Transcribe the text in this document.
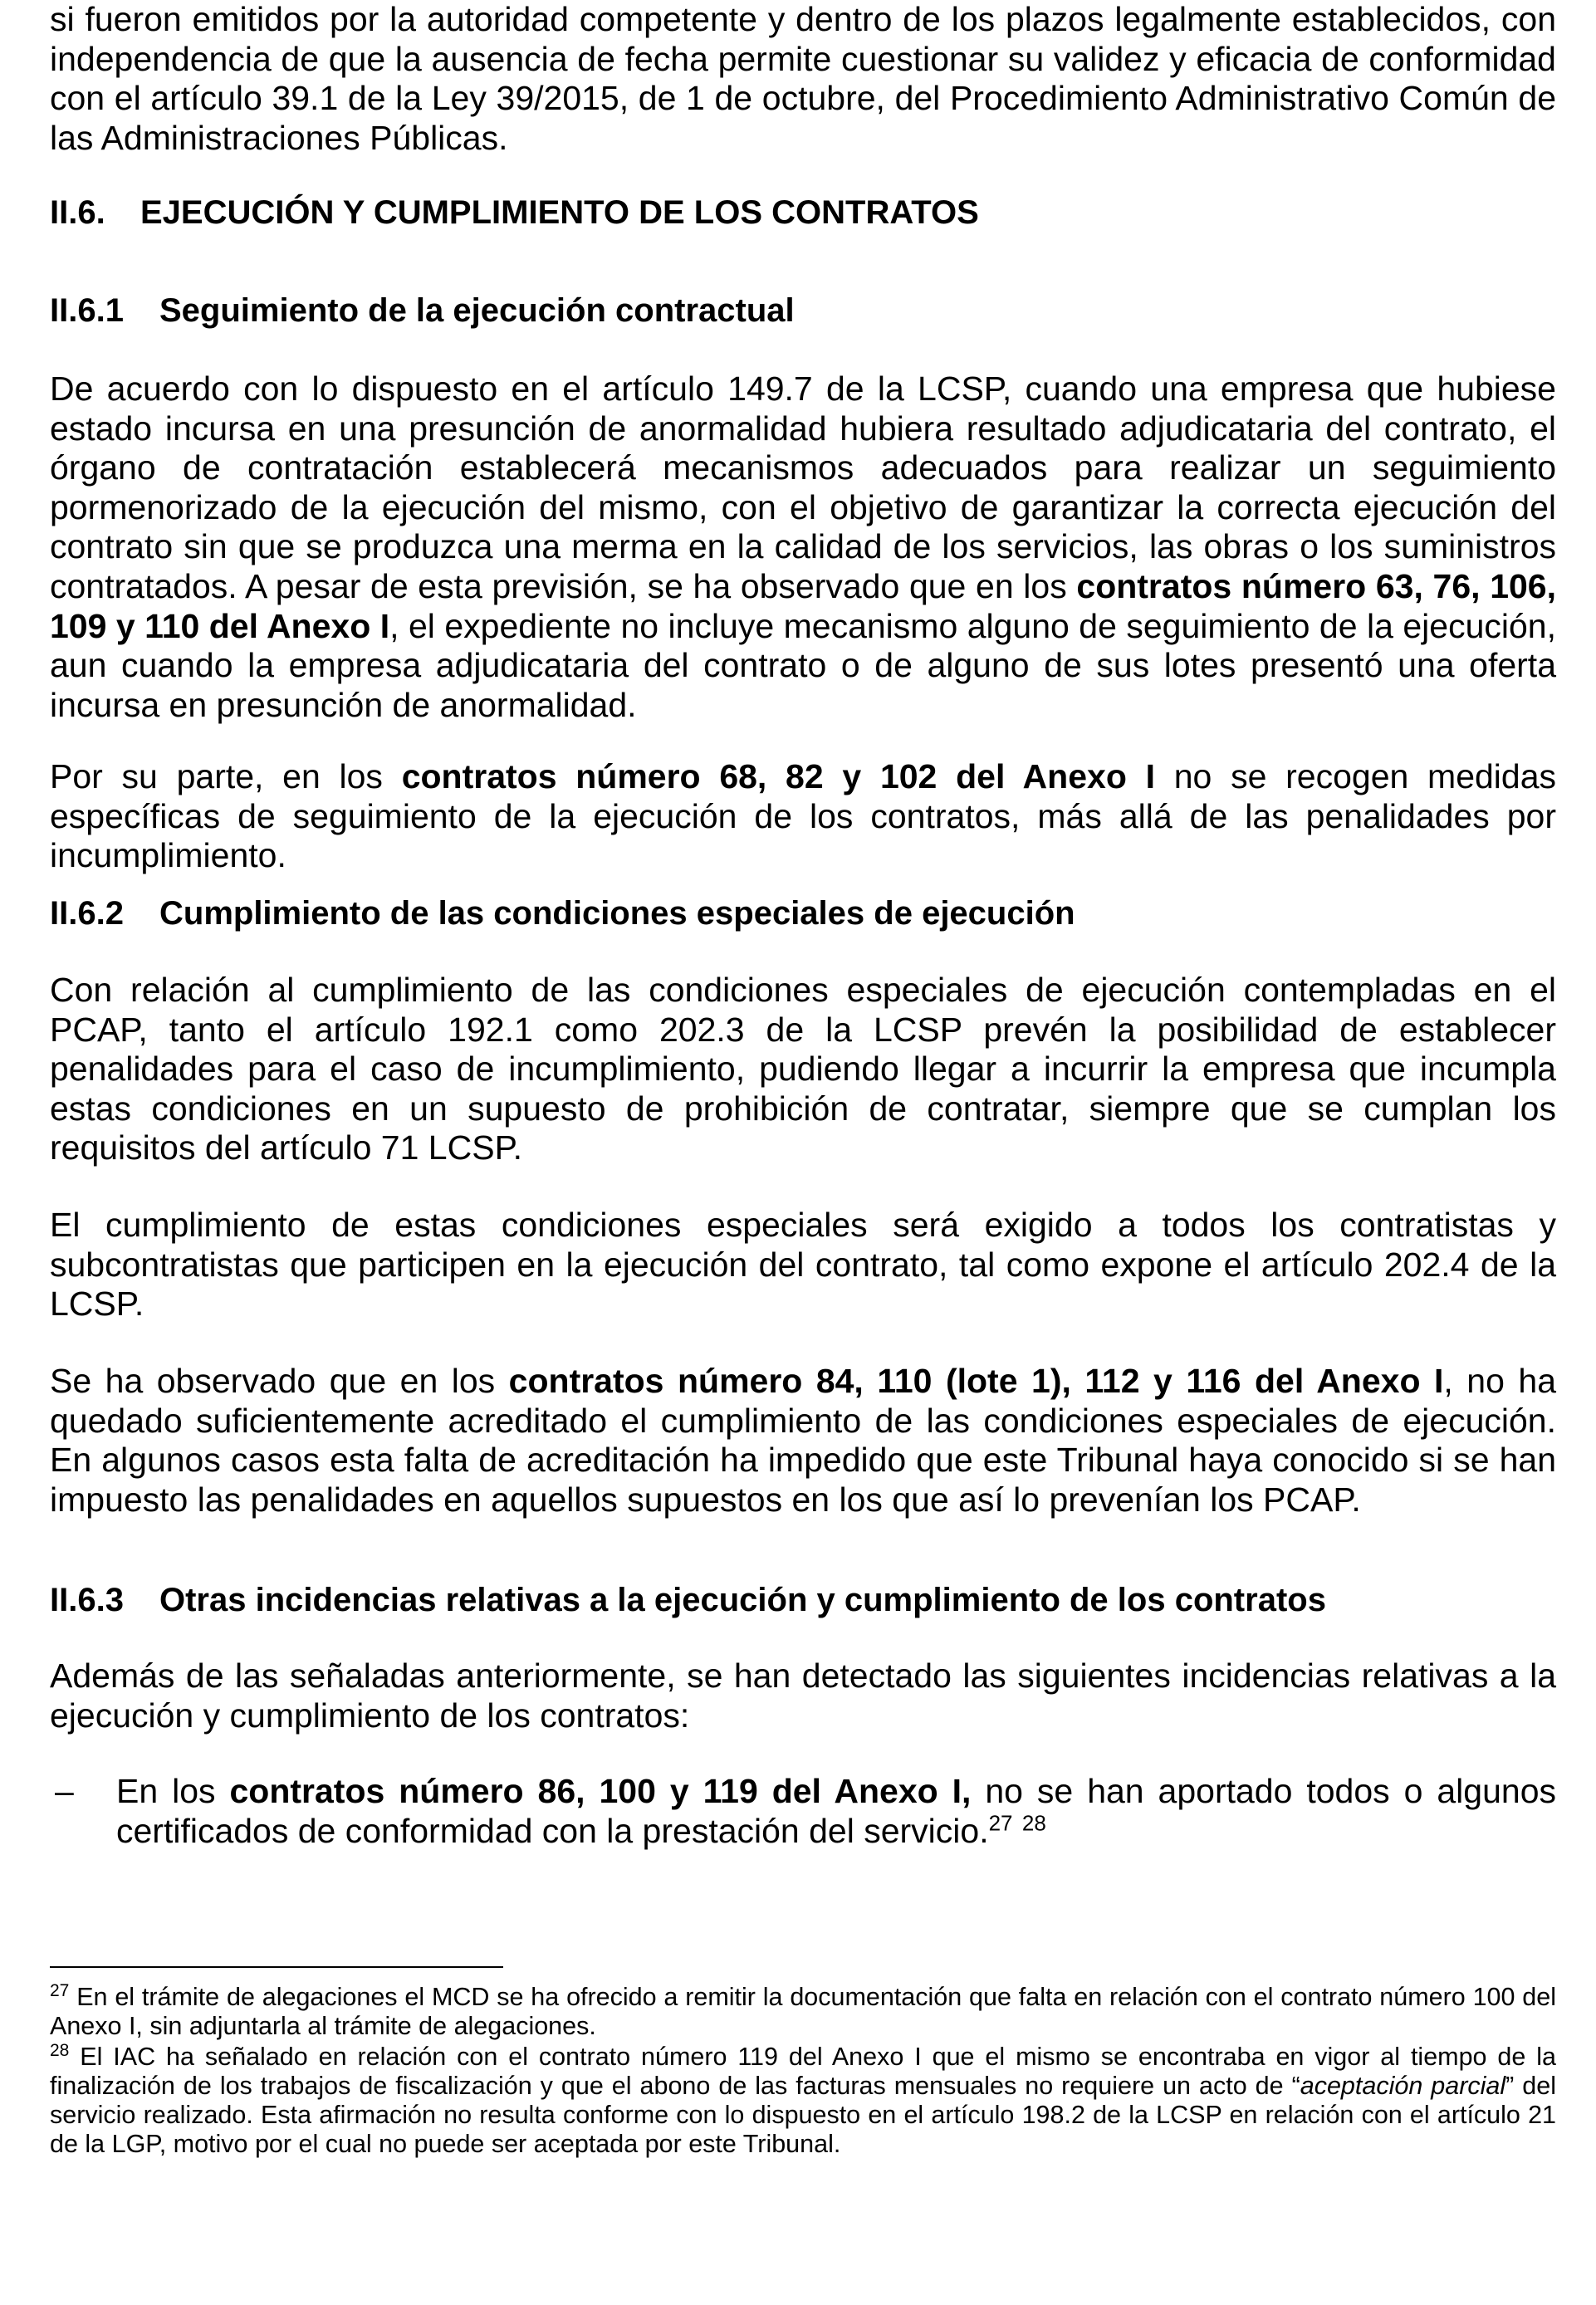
si fueron emitidos por la autoridad competente y dentro de los plazos legalmente establecidos, con independencia de que la ausencia de fecha permite cuestionar su validez y eficacia de conformidad con el artículo 39.1 de la Ley 39/2015, de 1 de octubre, del Procedimiento Administrativo Común de las Administraciones Públicas.

II.6. EJECUCIÓN Y CUMPLIMIENTO DE LOS CONTRATOS
II.6.1 Seguimiento de la ejecución contractual

De acuerdo con lo dispuesto en el artículo 149.7 de la LCSP, cuando una empresa que hubiese estado incursa en una presunción de anormalidad hubiera resultado adjudicataria del contrato, el órgano de contratación establecerá mecanismos adecuados para realizar un seguimiento pormenorizado de la ejecución del mismo, con el objetivo de garantizar la correcta ejecución del contrato sin que se produzca una merma en la calidad de los servicios, las obras o los suministros contratados. A pesar de esta previsión, se ha observado que en los contratos número 63, 76, 106, 109 y 110 del Anexo I, el expediente no incluye mecanismo alguno de seguimiento de la ejecución, aun cuando la empresa adjudicataria del contrato o de alguno de sus lotes presentó una oferta incursa en presunción de anormalidad.

Por su parte, en los contratos número 68, 82 y 102 del Anexo I no se recogen medidas específicas de seguimiento de la ejecución de los contratos, más allá de las penalidades por incumplimiento.

II.6.2 Cumplimiento de las condiciones especiales de ejecución

Con relación al cumplimiento de las condiciones especiales de ejecución contempladas en el PCAP, tanto el artículo 192.1 como 202.3 de la LCSP prevén la posibilidad de establecer penalidades para el caso de incumplimiento, pudiendo llegar a incurrir la empresa que incumpla estas condiciones en un supuesto de prohibición de contratar, siempre que se cumplan los requisitos del artículo 71 LCSP.

El cumplimiento de estas condiciones especiales será exigido a todos los contratistas y subcontratistas que participen en la ejecución del contrato, tal como expone el artículo 202.4 de la LCSP.

Se ha observado que en los contratos número 84, 110 (lote 1), 112 y 116 del Anexo I, no ha quedado suficientemente acreditado el cumplimiento de las condiciones especiales de ejecución. En algunos casos esta falta de acreditación ha impedido que este Tribunal haya conocido si se han impuesto las penalidades en aquellos supuestos en los que así lo prevenían los PCAP.

II.6.3 Otras incidencias relativas a la ejecución y cumplimiento de los contratos

Además de las señaladas anteriormente, se han detectado las siguientes incidencias relativas a la ejecución y cumplimiento de los contratos:

– En los contratos número 86, 100 y 119 del Anexo I, no se han aportado todos o algunos certificados de conformidad con la prestación del servicio.$^{27}$ $^{28}$

$^{27}$ En el trámite de alegaciones el MCD se ha ofrecido a remitir la documentación que falta en relación con el contrato número 100 del Anexo I, sin adjuntarla al trámite de alegaciones.

$^{28}$ El IAC ha señalado en relación con el contrato número 119 del Anexo I que el mismo se encontraba en vigor al tiempo de la finalización de los trabajos de fiscalización y que el abono de las facturas mensuales no requiere un acto de “aceptación parcial” del servicio realizado. Esta afirmación no resulta conforme con lo dispuesto en el artículo 198.2 de la LCSP en relación con el artículo 21 de la LGP, motivo por el cual no puede ser aceptada por este Tribunal.
